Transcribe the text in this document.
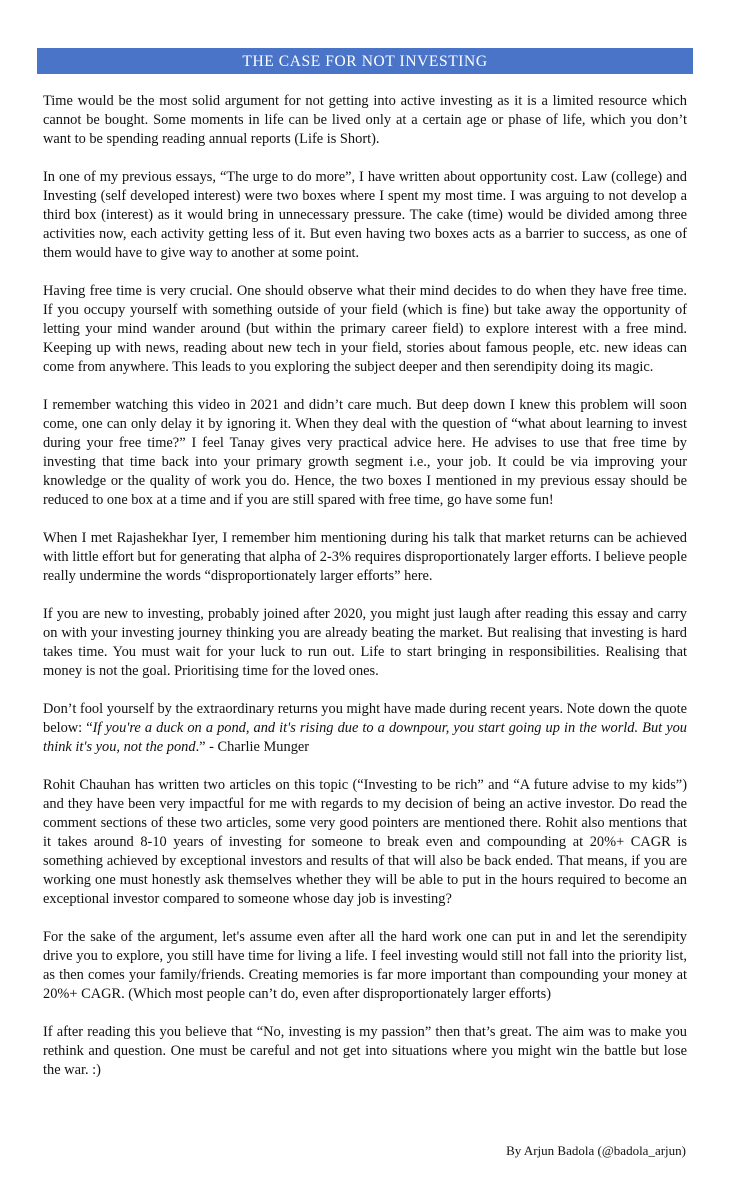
THE CASE FOR NOT INVESTING

Time would be the most solid argument for not getting into active investing as it is a limited resource which cannot be bought. Some moments in life can be lived only at a certain age or phase of life, which you don’t want to be spending reading annual reports (Life is Short).

In one of my previous essays, “The urge to do more”, I have written about opportunity cost. Law (college) and Investing (self developed interest) were two boxes where I spent my most time. I was arguing to not develop a third box (interest) as it would bring in unnecessary pressure. The cake (time) would be divided among three activities now, each activity getting less of it. But even having two boxes acts as a barrier to success, as one of them would have to give way to another at some point.

Having free time is very crucial. One should observe what their mind decides to do when they have free time. If you occupy yourself with something outside of your field (which is fine) but take away the opportunity of letting your mind wander around (but within the primary career field) to explore interest with a free mind. Keeping up with news, reading about new tech in your field, stories about famous people, etc. new ideas can come from anywhere. This leads to you exploring the subject deeper and then serendipity doing its magic.

I remember watching this video in 2021 and didn’t care much. But deep down I knew this problem will soon come, one can only delay it by ignoring it. When they deal with the question of “what about learning to invest during your free time?” I feel Tanay gives very practical advice here. He advises to use that free time by investing that time back into your primary growth segment i.e., your job. It could be via improving your knowledge or the quality of work you do. Hence, the two boxes I mentioned in my previous essay should be reduced to one box at a time and if you are still spared with free time, go have some fun!

When I met Rajashekhar Iyer, I remember him mentioning during his talk that market returns can be achieved with little effort but for generating that alpha of 2-3% requires disproportionately larger efforts. I believe people really undermine the words “disproportionately larger efforts” here.

If you are new to investing, probably joined after 2020, you might just laugh after reading this essay and carry on with your investing journey thinking you are already beating the market. But realising that investing is hard takes time. You must wait for your luck to run out. Life to start bringing in responsibilities. Realising that money is not the goal. Prioritising time for the loved ones.

Don’t fool yourself by the extraordinary returns you might have made during recent years. Note down the quote below: “If you're a duck on a pond, and it's rising due to a downpour, you start going up in the world. But you think it's you, not the pond.” - Charlie Munger

Rohit Chauhan has written two articles on this topic (“Investing to be rich” and “A future advise to my kids”) and they have been very impactful for me with regards to my decision of being an active investor. Do read the comment sections of these two articles, some very good pointers are mentioned there. Rohit also mentions that it takes around 8-10 years of investing for someone to break even and compounding at 20%+ CAGR is something achieved by exceptional investors and results of that will also be back ended. That means, if you are working one must honestly ask themselves whether they will be able to put in the hours required to become an exceptional investor compared to someone whose day job is investing?

For the sake of the argument, let's assume even after all the hard work one can put in and let the serendipity drive you to explore, you still have time for living a life. I feel investing would still not fall into the priority list, as then comes your family/friends. Creating memories is far more important than compounding your money at 20%+ CAGR. (Which most people can’t do, even after disproportionately larger efforts)

If after reading this you believe that “No, investing is my passion” then that’s great. The aim was to make you rethink and question. One must be careful and not get into situations where you might win the battle but lose the war. :)

By Arjun Badola (@badola_arjun)
